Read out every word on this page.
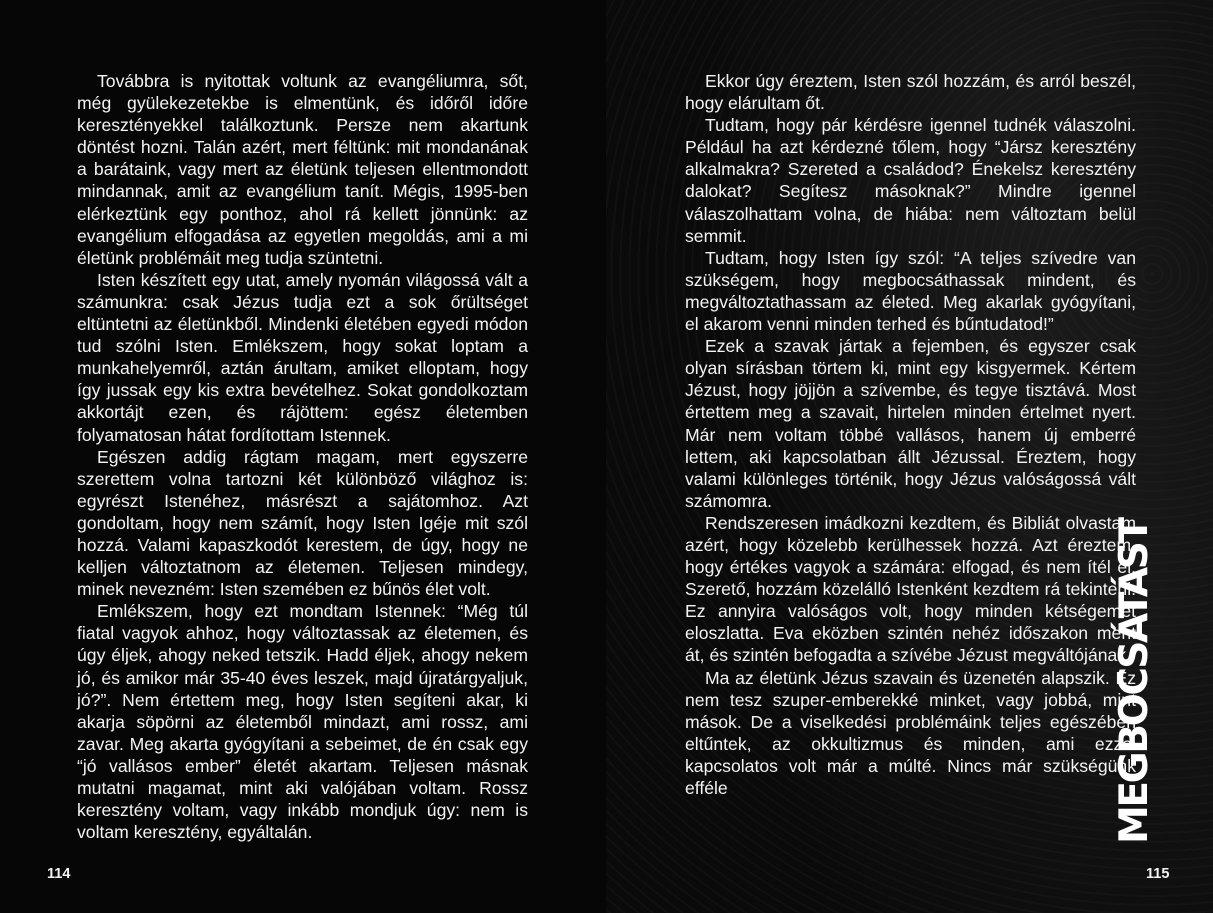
Továbbra is nyitottak voltunk az evangéliumra, sőt, még gyülekezetekbe is elmentünk, és időről időre keresztényekkel találkoztunk. Persze nem akartunk döntést hozni. Talán azért, mert féltünk: mit mondanának a barátaink, vagy mert az életünk teljesen ellentmondott mindannak, amit az evangélium tanít. Mégis, 1995-ben elérkeztünk egy ponthoz, ahol rá kellett jönnünk: az evangélium elfogadása az egyetlen megoldás, ami a mi életünk problémáit meg tudja szüntetni.

Isten készített egy utat, amely nyomán világossá vált a számunkra: csak Jézus tudja ezt a sok őrültséget eltüntetni az életünkből. Mindenki életében egyedi módon tud szólni Isten. Emlékszem, hogy sokat loptam a munkahelyemről, aztán árultam, amiket elloptam, hogy így jussak egy kis extra bevételhez. Sokat gondolkoztam akkortájt ezen, és rájöttem: egész életemben folyamatosan hátat fordítottam Istennek.

Egészen addig rágtam magam, mert egyszerre szerettem volna tartozni két különböző világhoz is: egyrészt Istenéhez, másrészt a sajátomhoz. Azt gondoltam, hogy nem számít, hogy Isten Igéje mit szól hozzá. Valami kapaszkodót kerestem, de úgy, hogy ne kelljen változtatnom az életemen. Teljesen mindegy, minek nevezném: Isten szemében ez bűnös élet volt.

Emlékszem, hogy ezt mondtam Istennek: “Még túl fiatal vagyok ahhoz, hogy változtassak az életemen, és úgy éljek, ahogy neked tetszik. Hadd éljek, ahogy nekem jó, és amikor már 35-40 éves leszek, majd újratárgyaljuk, jó?”. Nem értettem meg, hogy Isten segíteni akar, ki akarja söpörni az életemből mindazt, ami rossz, ami zavar. Meg akarta gyógyítani a sebeimet, de én csak egy “jó vallásos ember” életét akartam. Teljesen másnak mutatni magamat, mint aki valójában voltam. Rossz keresztény voltam, vagy inkább mondjuk úgy: nem is voltam keresztény, egyáltalán.

114

Ekkor úgy éreztem, Isten szól hozzám, és arról beszél, hogy elárultam őt.

Tudtam, hogy pár kérdésre igennel tudnék válaszolni. Például ha azt kérdezné tőlem, hogy “Jársz keresztény alkalmakra? Szereted a családod? Énekelsz keresztény dalokat? Segítesz másoknak?” Mindre igennel válaszolhattam volna, de hiába: nem változtam belül semmit.

Tudtam, hogy Isten így szól: “A teljes szívedre van szükségem, hogy megbocsáthassak mindent, és megváltoztathassam az életed. Meg akarlak gyógyítani, el akarom venni minden terhed és bűntudatod!”

Ezek a szavak jártak a fejemben, és egyszer csak olyan sírásban törtem ki, mint egy kisgyermek. Kértem Jézust, hogy jöjjön a szívembe, és tegye tisztává. Most értettem meg a szavait, hirtelen minden értelmet nyert. Már nem voltam többé vallásos, hanem új emberré lettem, aki kapcsolatban állt Jézussal. Éreztem, hogy valami különleges történik, hogy Jézus valóságossá vált számomra.

Rendszeresen imádkozni kezdtem, és Bibliát olvastam azért, hogy közelebb kerülhessek hozzá. Azt éreztem, hogy értékes vagyok a számára: elfogad, és nem ítél el. Szerető, hozzám közelálló Istenként kezdtem rá tekinteni. Ez annyira valóságos volt, hogy minden kétségemet eloszlatta. Eva eközben szintén nehéz időszakon ment át, és szintén befogadta a szívébe Jézust megváltójának.

Ma az életünk Jézus szavain és üzenetén alapszik. Ez nem tesz szuper-emberekké minket, vagy jobbá, mint mások. De a viselkedési problémáink teljes egészében eltűntek, az okkultizmus és minden, ami ezzel kapcsolatos volt már a múlté. Nincs már szükségünk efféle	MEGBOCSÁTÁST
115
